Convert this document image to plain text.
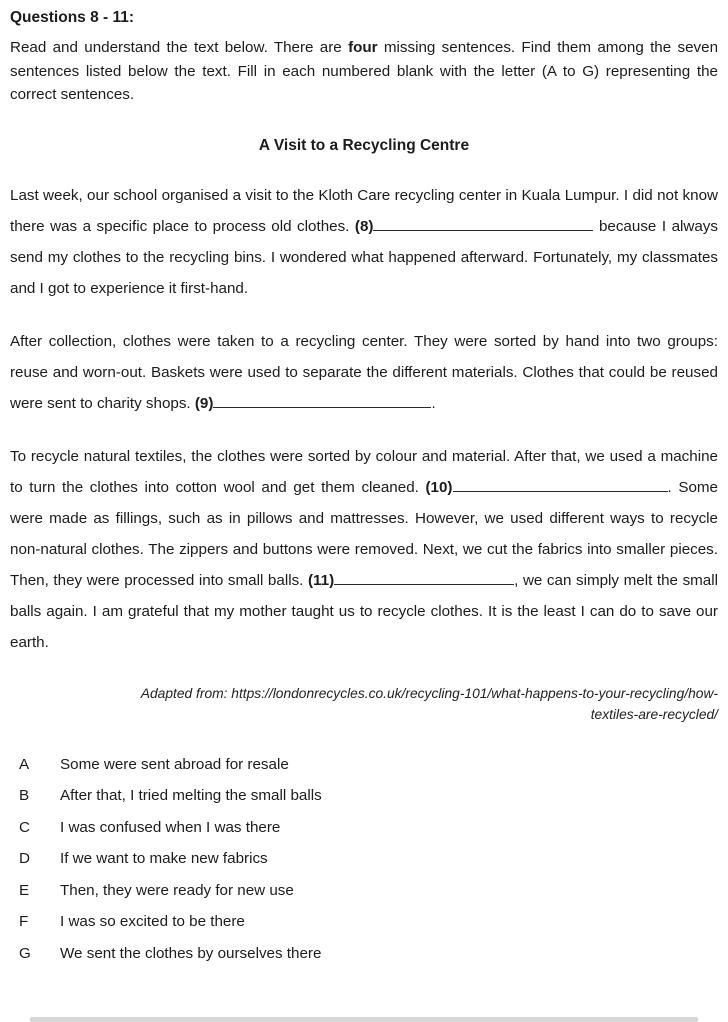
Questions 8 - 11:

Read and understand the text below. There are four missing sentences. Find them among the seven sentences listed below the text. Fill in each numbered blank with the letter (A to G) representing the correct sentences.

A Visit to a Recycling Centre

Last week, our school organised a visit to the Kloth Care recycling center in Kuala Lumpur. I did not know there was a specific place to process old clothes. (8)	because I always send my clothes to the recycling bins. I wondered what happened afterward. Fortunately, my classmates and I got to experience it first-hand.

After collection, clothes were taken to a recycling center. They were sorted by hand into two groups: reuse and worn-out. Baskets were used to separate the different materials. Clothes that could be reused were sent to charity shops. (9)	.

To recycle natural textiles, the clothes were sorted by colour and material. After that, we used a machine to turn the clothes into cotton wool and get them cleaned. (10)	. Some were made as fillings, such as in pillows and mattresses. However, we used different ways to recycle non-natural clothes. The zippers and buttons were removed. Next, we cut the fabrics into smaller pieces. Then, they were processed into small balls. (11)	, we can simply melt the small balls again. I am grateful that my mother taught us to recycle clothes. It is the least I can do to save our earth.

Adapted from: https://londonrecycles.co.uk/recycling-101/what-happens-to-your-recycling/how-
textiles-are-recycled/

A	Some were sent abroad for resale
B	After that, I tried melting the small balls
C	I was confused when I was there
D	If we want to make new fabrics
E	Then, they were ready for new use
F	I was so excited to be there
G	We sent the clothes by ourselves there
